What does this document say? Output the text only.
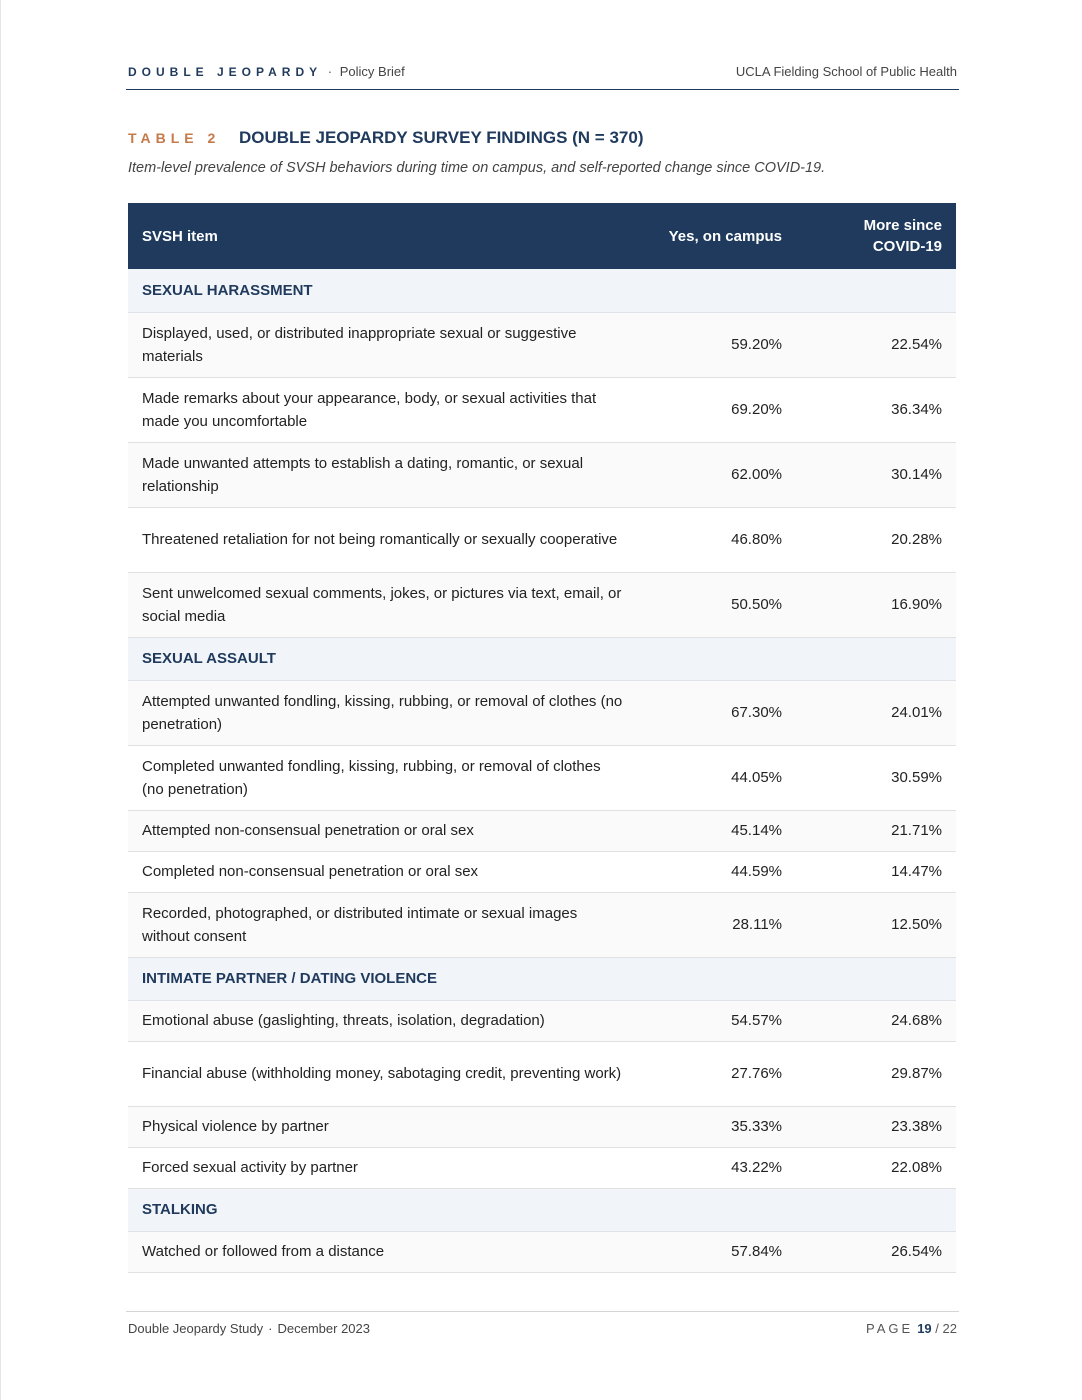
DOUBLE JEOPARDY · Policy Brief	UCLA Fielding School of Public Health
TABLE 2 DOUBLE JEOPARDY SURVEY FINDINGS (N = 370)
Item-level prevalence of SVSH behaviors during time on campus, and self-reported change since COVID-19.
SVSH item	Yes, on campus	More since
COVID-19
SEXUAL HARASSMENT		
Displayed, used, or distributed inappropriate sexual or suggestive materials	59.20%	22.54%
Made remarks about your appearance, body, or sexual activities that made you uncomfortable	69.20%	36.34%
Made unwanted attempts to establish a dating, romantic, or sexual relationship	62.00%	30.14%
Threatened retaliation for not being romantically or sexually cooperative	46.80%	20.28%
Sent unwelcomed sexual comments, jokes, or pictures via text, email, or social media	50.50%	16.90%
SEXUAL ASSAULT		
Attempted unwanted fondling, kissing, rubbing, or removal of clothes (no penetration)	67.30%	24.01%
Completed unwanted fondling, kissing, rubbing, or removal of clothes (no penetration)	44.05%	30.59%
Attempted non-consensual penetration or oral sex	45.14%	21.71%
Completed non-consensual penetration or oral sex	44.59%	14.47%
Recorded, photographed, or distributed intimate or sexual images without consent	28.11%	12.50%
INTIMATE PARTNER / DATING VIOLENCE		
Emotional abuse (gaslighting, threats, isolation, degradation)	54.57%	24.68%
Financial abuse (withholding money, sabotaging credit, preventing work)	27.76%	29.87%
Physical violence by partner	35.33%	23.38%
Forced sexual activity by partner	43.22%	22.08%
STALKING		
Watched or followed from a distance	57.84%	26.54%
Double Jeopardy Study · December 2023	PAGE 19 / 22
